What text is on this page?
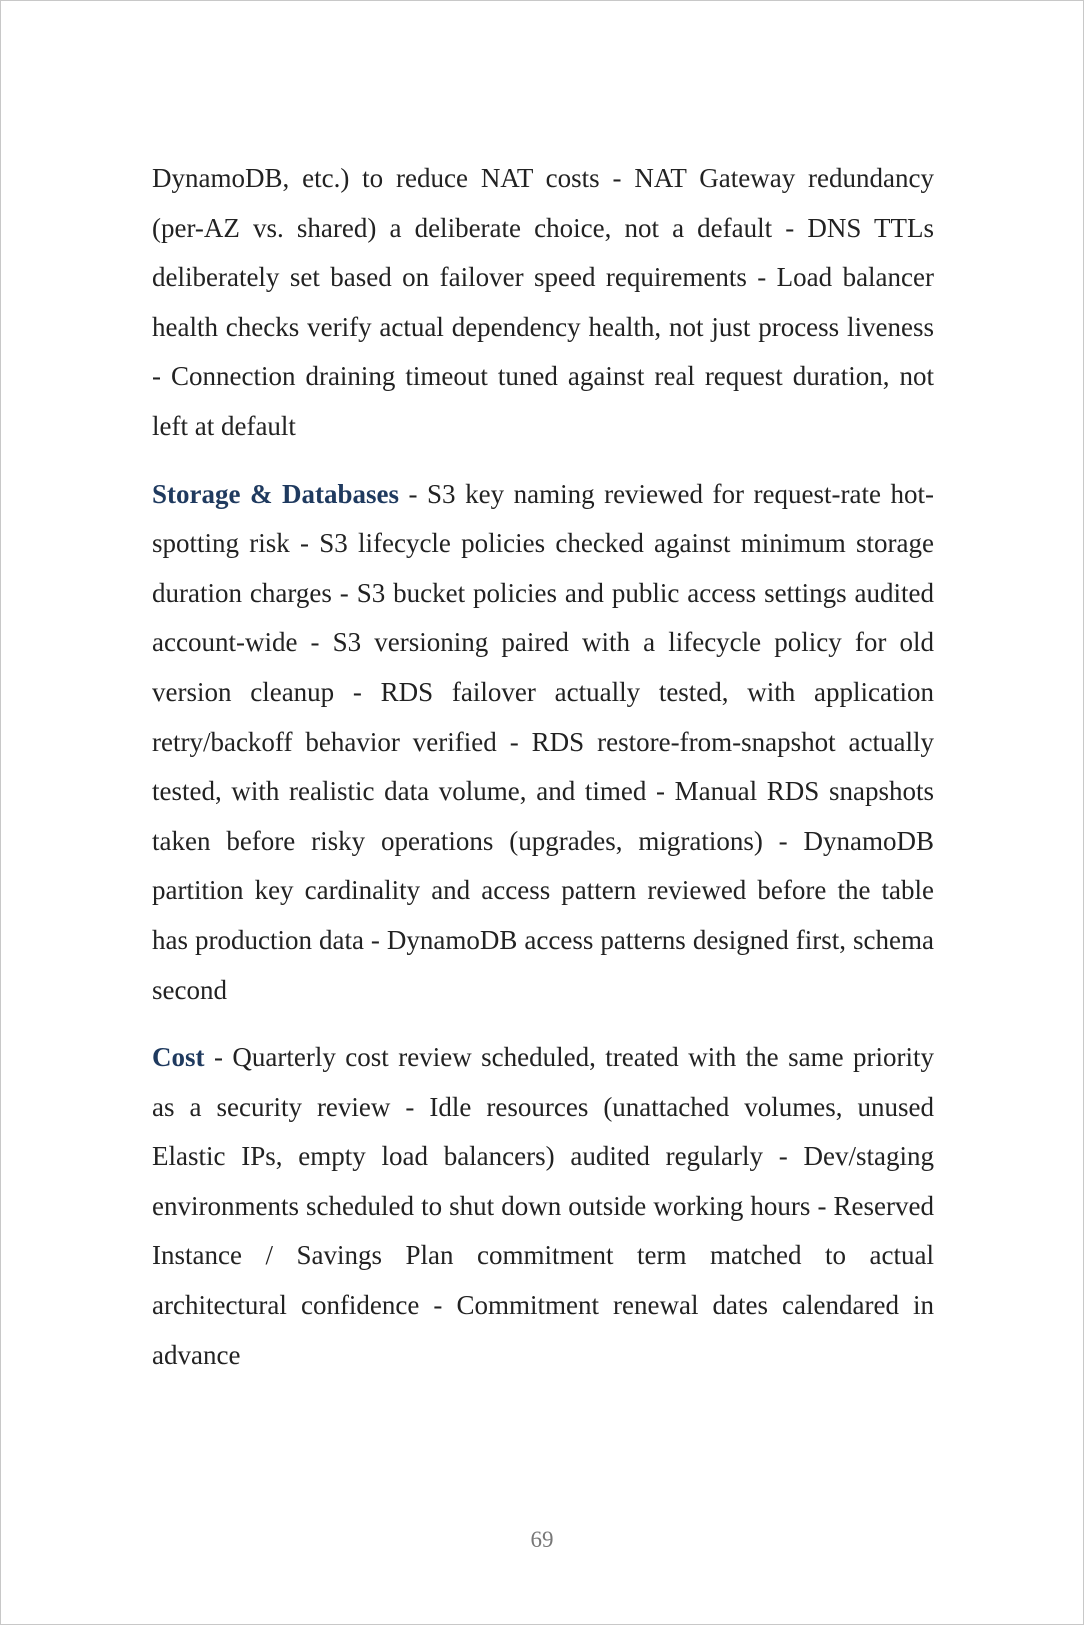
DynamoDB, etc.) to reduce NAT costs - NAT Gateway redundancy (per-AZ vs. shared) a deliberate choice, not a default - DNS TTLs deliberately set based on failover speed requirements - Load balancer health checks verify actual dependency health, not just process liveness - Connection draining timeout tuned against real request duration, not left at default

Storage & Databases - S3 key naming reviewed for request-rate hot-spotting risk - S3 lifecycle policies checked against minimum storage duration charges - S3 bucket policies and public access settings audited account-wide - S3 versioning paired with a lifecycle policy for old version cleanup - RDS failover actually tested, with application retry/backoff behavior verified - RDS restore-from-snapshot actually tested, with realistic data volume, and timed - Manual RDS snapshots taken before risky operations (upgrades, migrations) - DynamoDB partition key cardinality and access pattern reviewed before the table has production data - DynamoDB access patterns designed first, schema second

Cost - Quarterly cost review scheduled, treated with the same priority as a security review - Idle resources (unattached volumes, unused Elastic IPs, empty load balancers) audited regularly - Dev/staging environments scheduled to shut down outside working hours - Reserved Instance / Savings Plan commitment term matched to actual architectural confidence - Commitment renewal dates calendared in advance

69
